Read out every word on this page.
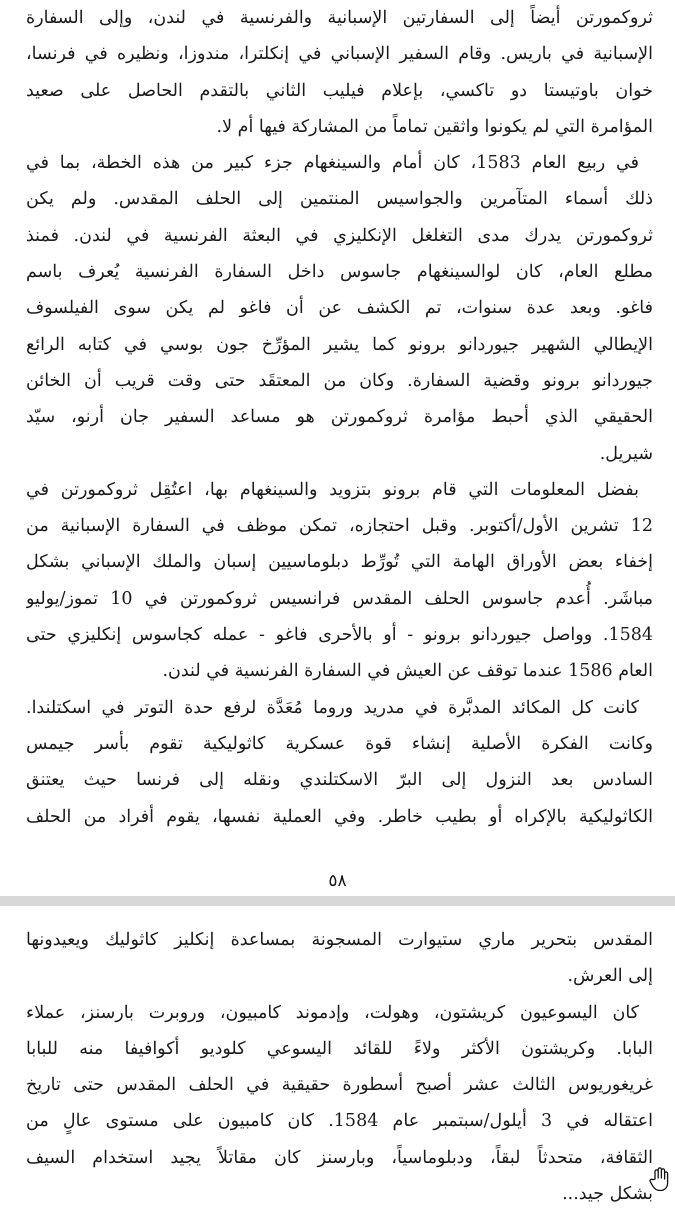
ثروكمورتن أيضاً إلى السفارتين الإسبانية والفرنسية في لندن، وإلى السفارة
الإسبانية في باريس. وقام السفير الإسباني في إنكلترا، مندوزا، ونظيره في فرنسا،
خوان باوتيستا دو تاكسي، بإعلام فيليب الثاني بالتقدم الحاصل على صعيد
المؤامرة التي لم يكونوا واثقين تماماً من المشاركة فيها أم لا.
في ربيع العام 1583، كان أمام والسينغهام جزء كبير من هذه الخطة، بما في
ذلك أسماء المتآمرين والجواسيس المنتمين إلى الحلف المقدس. ولم يكن
ثروكمورتن يدرك مدى التغلغل الإنكليزي في البعثة الفرنسية في لندن. فمنذ
مطلع العام، كان لوالسينغهام جاسوس داخل السفارة الفرنسية يُعرف باسم
فاغو. وبعد عدة سنوات، تم الكشف عن أن فاغو لم يكن سوى الفيلسوف
الإيطالي الشهير جيوردانو برونو كما يشير المؤرِّخ جون بوسي في كتابه الرائع
جيوردانو برونو وقضية السفارة. وكان من المعتقَد حتى وقت قريب أن الخائن
الحقيقي الذي أحبط مؤامرة ثروكمورتن هو مساعد السفير جان أرنو، سيّد
شيريل.
بفضل المعلومات التي قام برونو بتزويد والسينغهام بها، اعتُقِل ثروكمورتن في
12 تشرين الأول/أكتوبر. وقبل احتجازه، تمكن موظف في السفارة الإسبانية من
إخفاء بعض الأوراق الهامة التي تُورِّط دبلوماسيين إسبان والملك الإسباني بشكل
مباشَر. أُعدم جاسوس الحلف المقدس فرانسيس ثروكمورتن في 10 تموز/يوليو
1584. وواصل جيوردانو برونو - أو بالأحرى فاغو - عمله كجاسوس إنكليزي حتى
العام 1586 عندما توقف عن العيش في السفارة الفرنسية في لندن.
كانت كل المكائد المدبَّرة في مدريد وروما مُعَدَّة لرفع حدة التوتر في اسكتلندا.
وكانت الفكرة الأصلية إنشاء قوة عسكرية كاثوليكية تقوم بأسر جيمس
السادس بعد النزول إلى البرّ الاسكتلندي ونقله إلى فرنسا حيث يعتنق
الكاثوليكية بالإكراه أو بطيب خاطر. وفي العملية نفسها، يقوم أفراد من الحلف
٥٨
المقدس بتحرير ماري ستيوارت المسجونة بمساعدة إنكليز كاثوليك ويعيدونها
إلى العرش.
كان اليسوعيون كريشتون، وهولت، وإدموند كامبيون، وروبرت بارسنز، عملاء
البابا. وكريشتون الأكثر ولاءً للقائد اليسوعي كلوديو أكوافيفا منه للبابا
غريغوريوس الثالث عشر أصبح أسطورة حقيقية في الحلف المقدس حتى تاريخ
اعتقاله في 3 أيلول/سبتمبر عام 1584. كان كامبيون على مستوى عالٍ من
الثقافة، متحدثاً لبقاً، ودبلوماسياً، وبارسنز كان مقاتلاً يجيد استخدام السيف
بشكل جيد...
